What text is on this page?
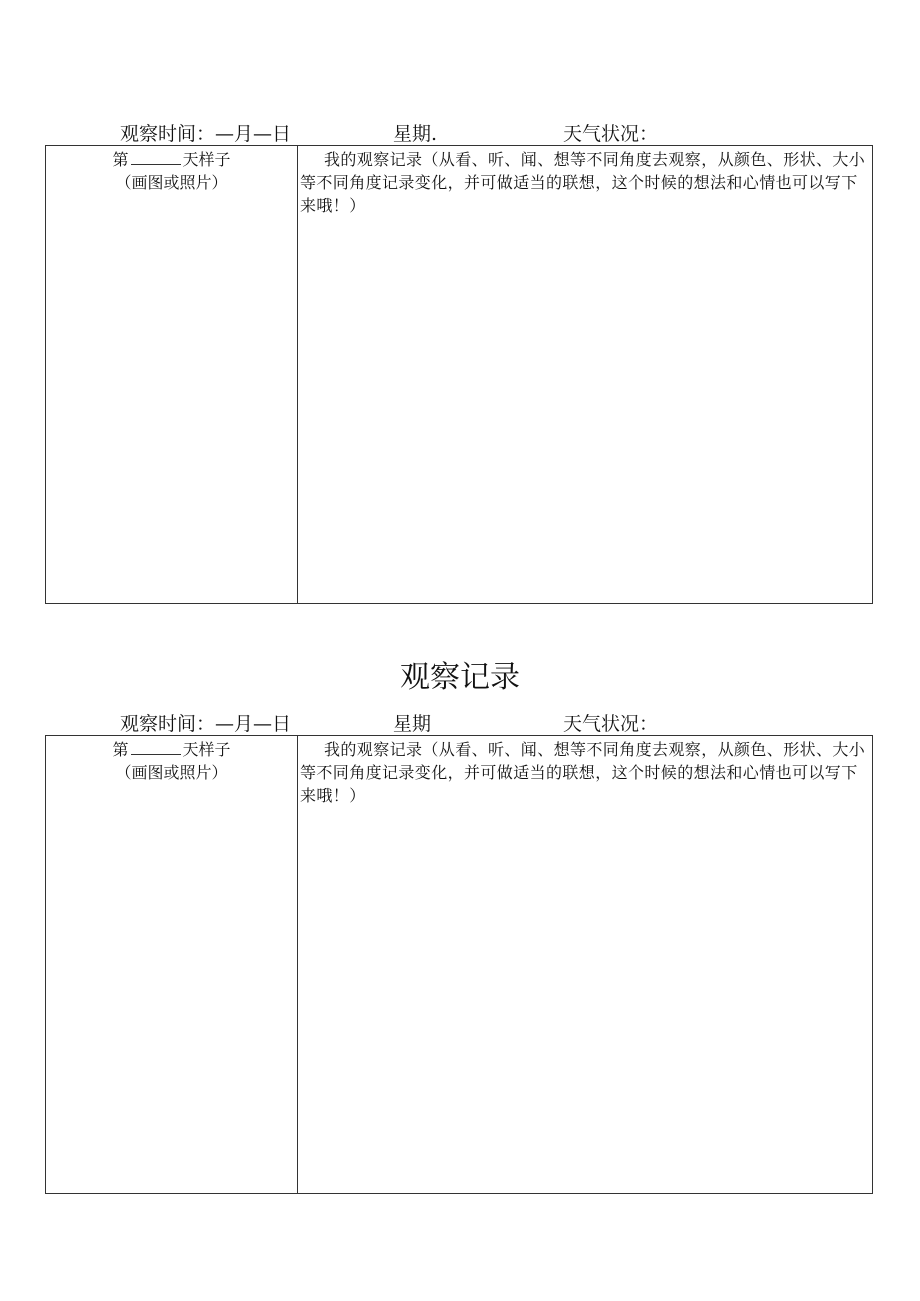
观察时间：—月—日	星期.	天气状况：
第	天样子
（画图或照片）
我的观察记录（从看、听、闻、想等不同角度去观察，从颜色、形状、大小等不同角度记录变化，并可做适当的联想，这个时候的想法和心情也可以写下来哦！）
观察记录
观察时间：—月—日	星期	天气状况：
第	天样子
（画图或照片）
我的观察记录（从看、听、闻、想等不同角度去观察，从颜色、形状、大小等不同角度记录变化，并可做适当的联想，这个时候的想法和心情也可以写下来哦！）
